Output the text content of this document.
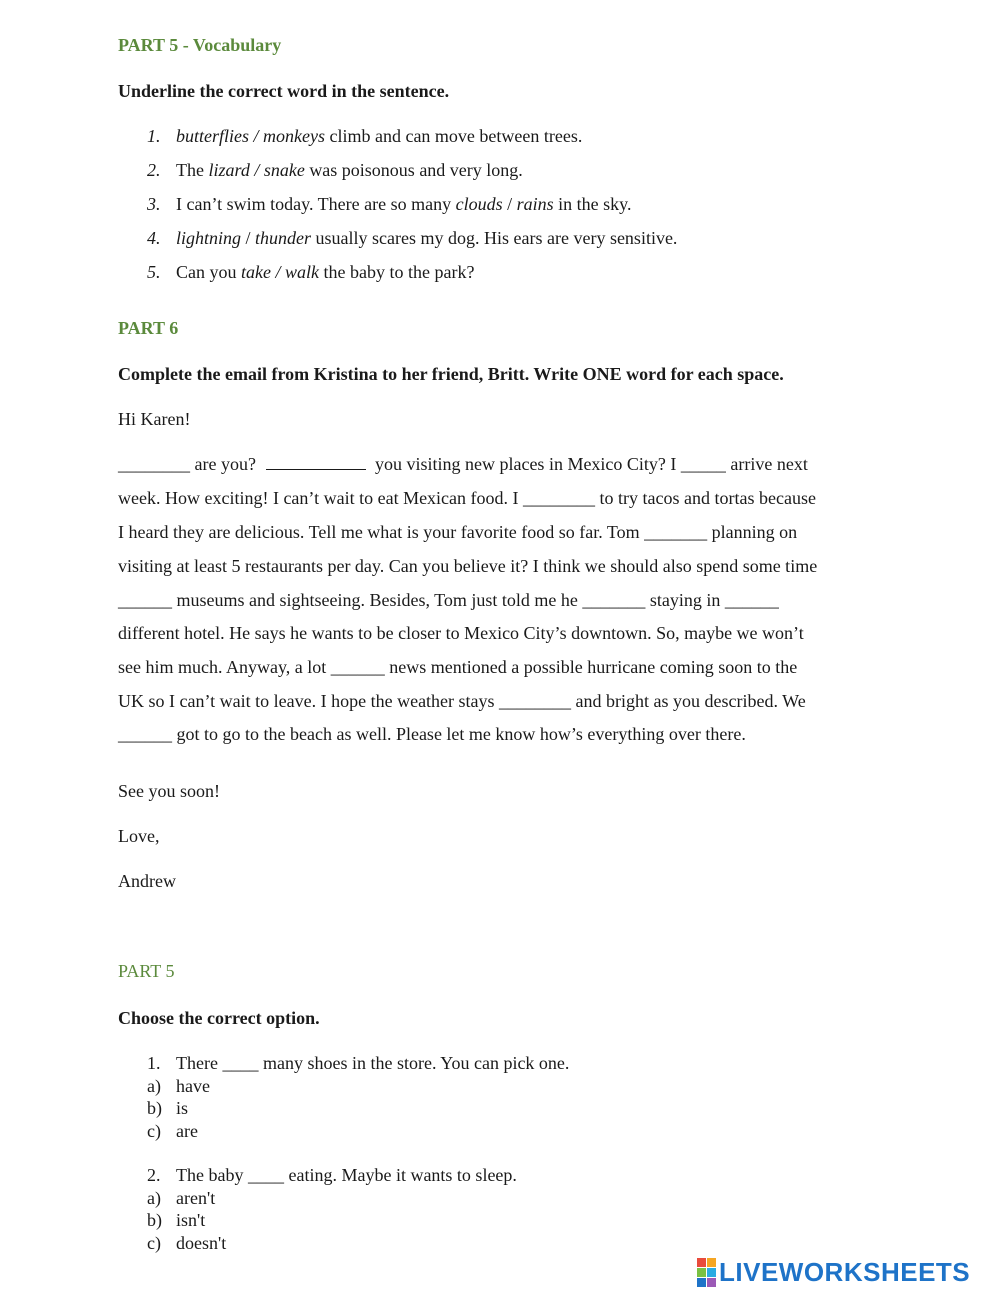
PART 5 - Vocabulary
Underline the correct word in the sentence.
1. butterflies / monkeys climb and can move between trees.
2. The lizard / snake was poisonous and very long.
3. I can’t swim today. There are so many clouds / rains in the sky.
4. lightning / thunder usually scares my dog. His ears are very sensitive.
5. Can you take / walk the baby to the park?
PART 6
Complete the email from Kristina to her friend, Britt. Write ONE word for each space.
Hi Karen!
________ are you?	you visiting new places in Mexico City? I _____ arrive next
week. How exciting! I can’t wait to eat Mexican food. I ________ to try tacos and tortas because
I heard they are delicious. Tell me what is your favorite food so far. Tom _______ planning on
visiting at least 5 restaurants per day. Can you believe it? I think we should also spend some time
______ museums and sightseeing. Besides, Tom just told me he _______ staying in ______
different hotel. He says he wants to be closer to Mexico City’s downtown. So, maybe we won’t
see him much. Anyway, a lot ______ news mentioned a possible hurricane coming soon to the
UK so I can’t wait to leave. I hope the weather stays ________ and bright as you described. We
______ got to go to the beach as well. Please let me know how’s everything over there.
See you soon!
Love,
Andrew
PART 5
Choose the correct option.
1. There ____ many shoes in the store. You can pick one.
a) have
b) is
c) are
2. The baby ____ eating. Maybe it wants to sleep.
a) aren't
b) isn't
c) doesn't
LIVEWORKSHEETS
